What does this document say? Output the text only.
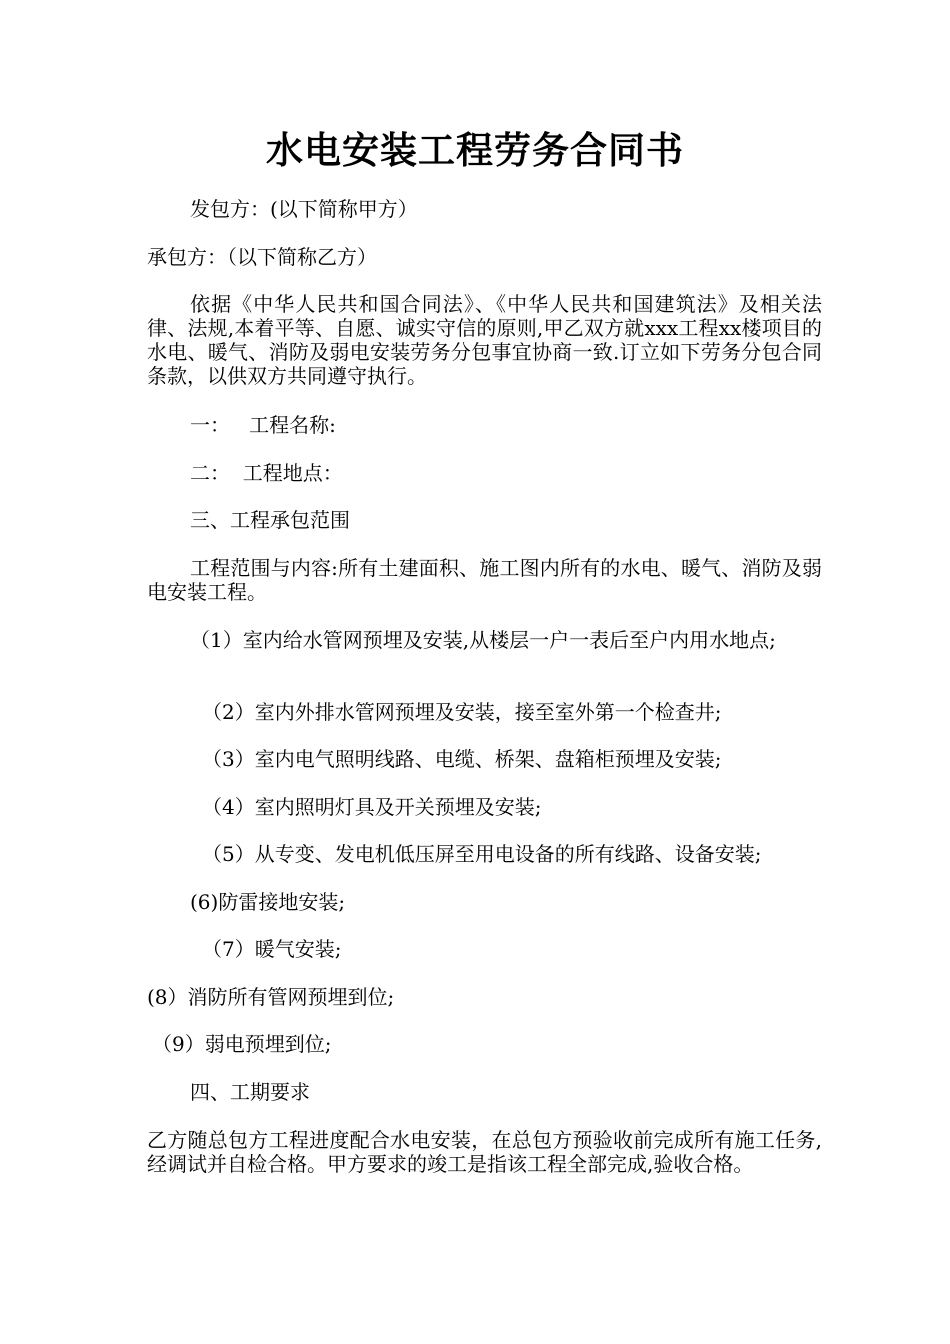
水电安装工程劳务合同书
发包方：(以下简称甲方）
承包方：（以下简称乙方）
依据《中华人民共和国合同法》、《中华人民共和国建筑法》及相关法律、法规,本着平等、自愿、诚实守信的原则,甲乙双方就xxx工程xx楼项目的水电、暖气、消防及弱电安装劳务分包事宜协商一致.订立如下劳务分包合同条款，以供双方共同遵守执行。
一：   工程名称:
二：  工程地点：
三、工程承包范围
工程范围与内容:所有土建面积、施工图内所有的水电、暖气、消防及弱电安装工程。
（1）室内给水管网预埋及安装,从楼层一户一表后至户内用水地点;
（2）室内外排水管网预埋及安装，接至室外第一个检查井;
（3）室内电气照明线路、电缆、桥架、盘箱柜预埋及安装;
（4）室内照明灯具及开关预埋及安装;
（5）从专变、发电机低压屏至用电设备的所有线路、设备安装;
(6)防雷接地安装;
（7）暖气安装;
(8）消防所有管网预埋到位;
（9）弱电预埋到位;
四、工期要求
乙方随总包方工程进度配合水电安装，在总包方预验收前完成所有施工任务,经调试并自检合格。甲方要求的竣工是指该工程全部完成,验收合格。
